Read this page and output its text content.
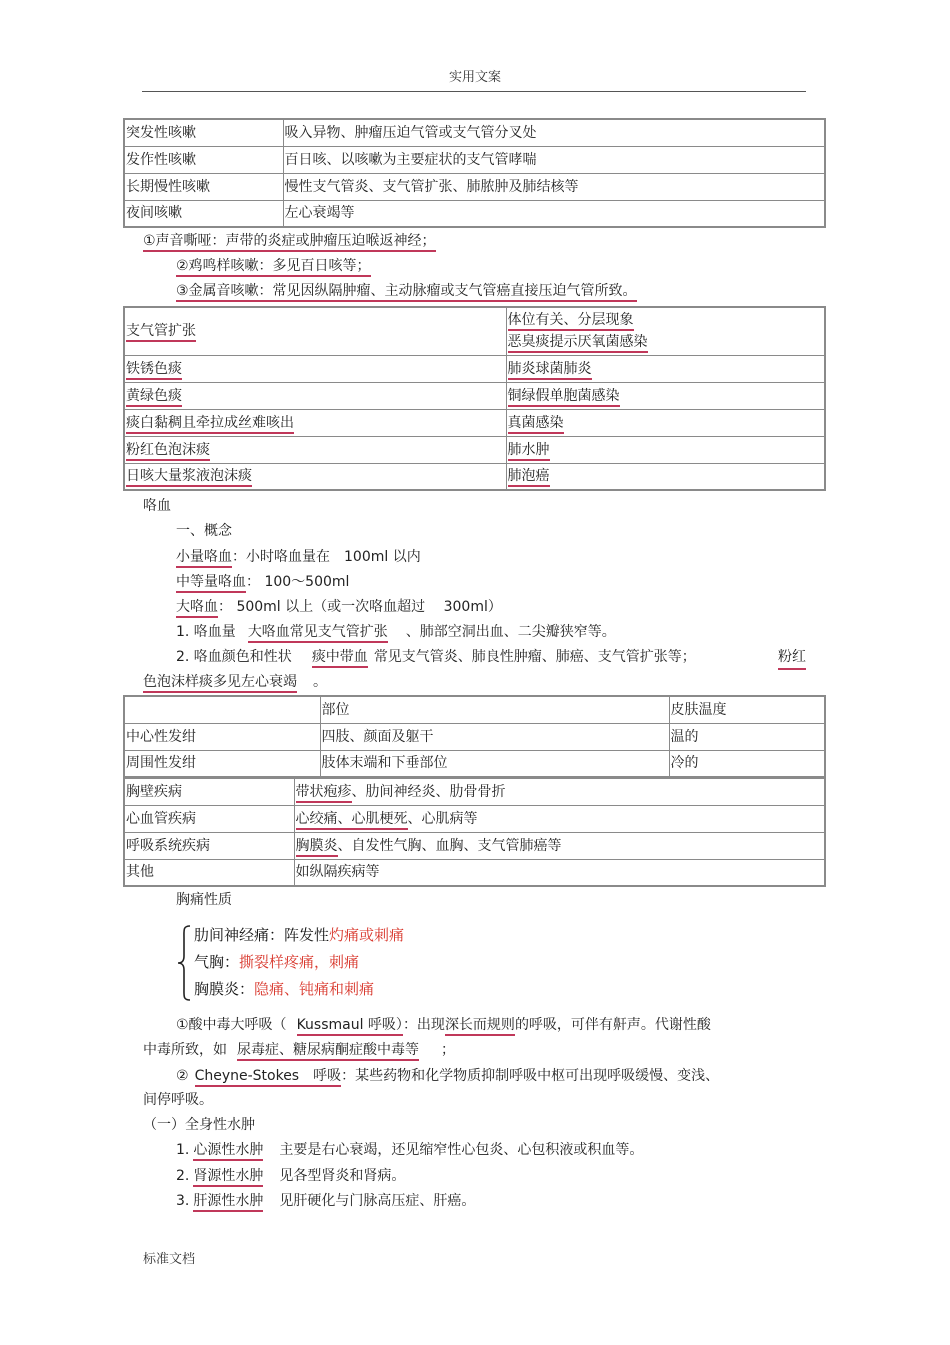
实用文案
突发性咳嗽	吸入异物、肿瘤压迫气管或支气管分叉处
发作性咳嗽	百日咳、以咳嗽为主要症状的支气管哮喘
长期慢性咳嗽	慢性支气管炎、支气管扩张、肺脓肿及肺结核等
夜间咳嗽	左心衰竭等
①声音嘶哑：声带的炎症或肿瘤压迫喉返神经；
②鸡鸣样咳嗽：多见百日咳等；
③金属音咳嗽：常见因纵隔肿瘤、主动脉瘤或支气管癌直接压迫气管所致。
支气管扩张	体位有关、分层现象
恶臭痰提示厌氧菌感染
铁锈色痰	肺炎球菌肺炎
黄绿色痰	铜绿假单胞菌感染
痰白黏稠且牵拉成丝难咳出	真菌感染
粉红色泡沫痰	肺水肿
日咳大量浆液泡沫痰	肺泡癌
咯血
一、概念
小量咯血：小时咯血量在　100ml 以内
中等量咯血： 100～500ml
大咯血： 500ml 以上（或一次咯血超过　 300ml）
1. 咯血量 大咯血常见支气管扩张 、肺部空洞出血、二尖瓣狭窄等。
2. 咯血颜色和性状 痰中带血 常见支气管炎、肺良性肿瘤、肺癌、支气管扩张等；	粉红
色泡沫样痰多见左心衰竭 。
	部位	皮肤温度
中心性发绀	四肢、颜面及躯干	温的
周围性发绀	肢体末端和下垂部位	冷的
胸壁疾病	带状疱疹、肋间神经炎、肋骨骨折
心血管疾病	心绞痛、心肌梗死、心肌病等
呼吸系统疾病	胸膜炎、自发性气胸、血胸、支气管肺癌等
其他	如纵隔疾病等
胸痛性质
肋间神经痛：阵发性灼痛或刺痛
气胸：撕裂样疼痛，刺痛
胸膜炎：隐痛、钝痛和刺痛
①酸中毒大呼吸（ Kussmaul 呼吸）：出现深长而规则的呼吸，可伴有鼾声。代谢性酸
中毒所致，如 尿毒症、糖尿病酮症酸中毒等 ；
② Cheyne-Stokes　呼吸：某些药物和化学物质抑制呼吸中枢可出现呼吸缓慢、变浅、
间停呼吸。
（一）全身性水肿
1. 心源性水肿 主要是右心衰竭，还见缩窄性心包炎、心包积液或积血等。
2. 肾源性水肿 见各型肾炎和肾病。
3. 肝源性水肿 见肝硬化与门脉高压症、肝癌。
标准文档
